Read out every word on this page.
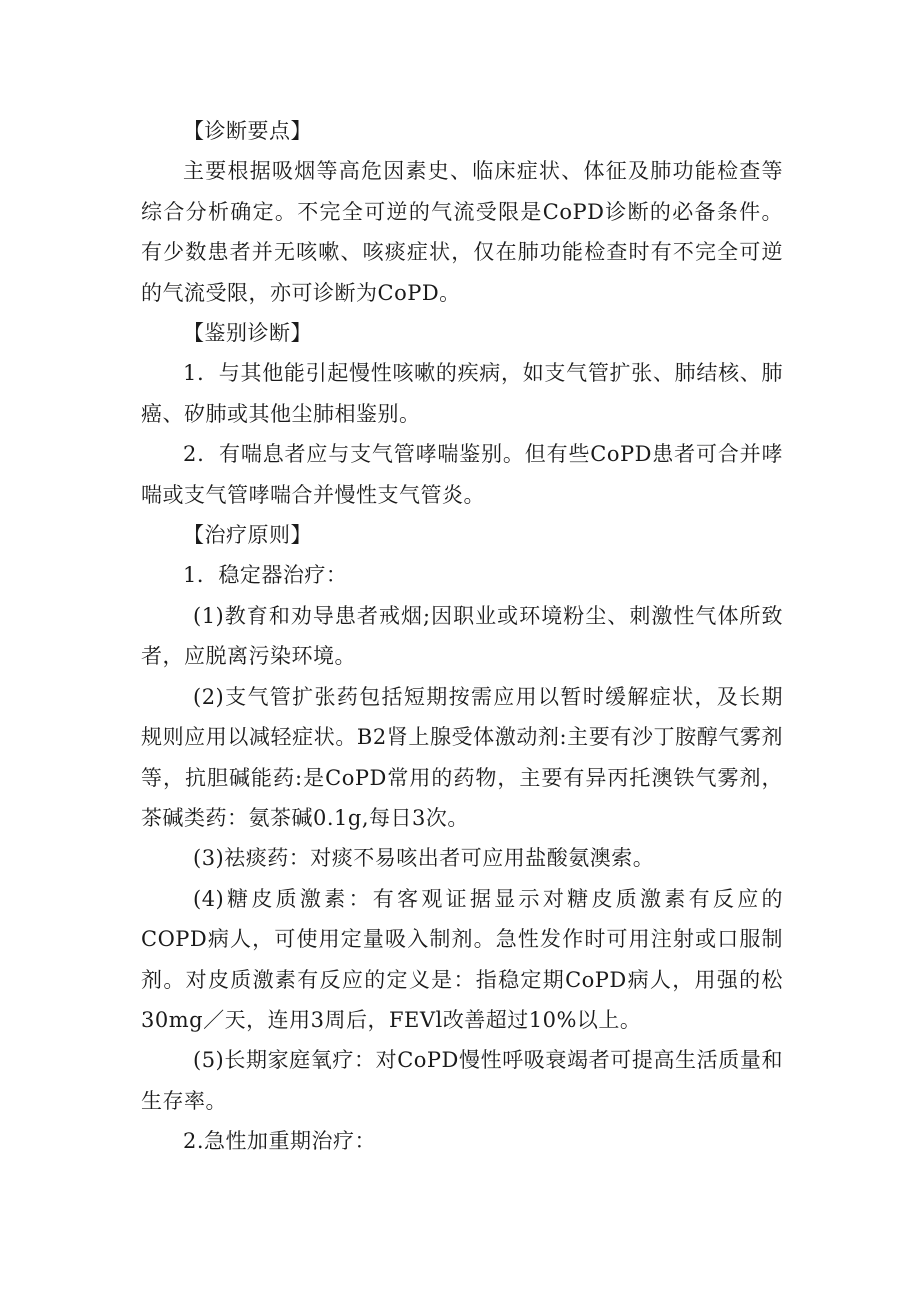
【诊断要点】

主要根据吸烟等高危因素史、临床症状、体征及肺功能检查等综合分析确定。不完全可逆的气流受限是CoPD诊断的必备条件。有少数患者并无咳嗽、咳痰症状，仅在肺功能检查时有不完全可逆的气流受限，亦可诊断为CoPD。

【鉴别诊断】

1．与其他能引起慢性咳嗽的疾病，如支气管扩张、肺结核、肺癌、矽肺或其他尘肺相鉴别。

2．有喘息者应与支气管哮喘鉴别。但有些CoPD患者可合并哮喘或支气管哮喘合并慢性支气管炎。

【治疗原则】

1．稳定器治疗：

(1)教育和劝导患者戒烟;因职业或环境粉尘、刺激性气体所致者，应脱离污染环境。

(2)支气管扩张药包括短期按需应用以暂时缓解症状，及长期规则应用以减轻症状。B2肾上腺受体激动剂:主要有沙丁胺醇气雾剂等，抗胆碱能药:是CoPD常用的药物，主要有异丙托澳铁气雾剂，茶碱类药：氨茶碱0.1g,每日3次。

(3)祛痰药：对痰不易咳出者可应用盐酸氨澳索。

(4)糖皮质激素：有客观证据显示对糖皮质激素有反应的COPD病人，可使用定量吸入制剂。急性发作时可用注射或口服制剂。对皮质激素有反应的定义是：指稳定期CoPD病人，用强的松30mg／天，连用3周后，FEVl改善超过10%以上。

(5)长期家庭氧疗：对CoPD慢性呼吸衰竭者可提高生活质量和生存率。

2.急性加重期治疗：
